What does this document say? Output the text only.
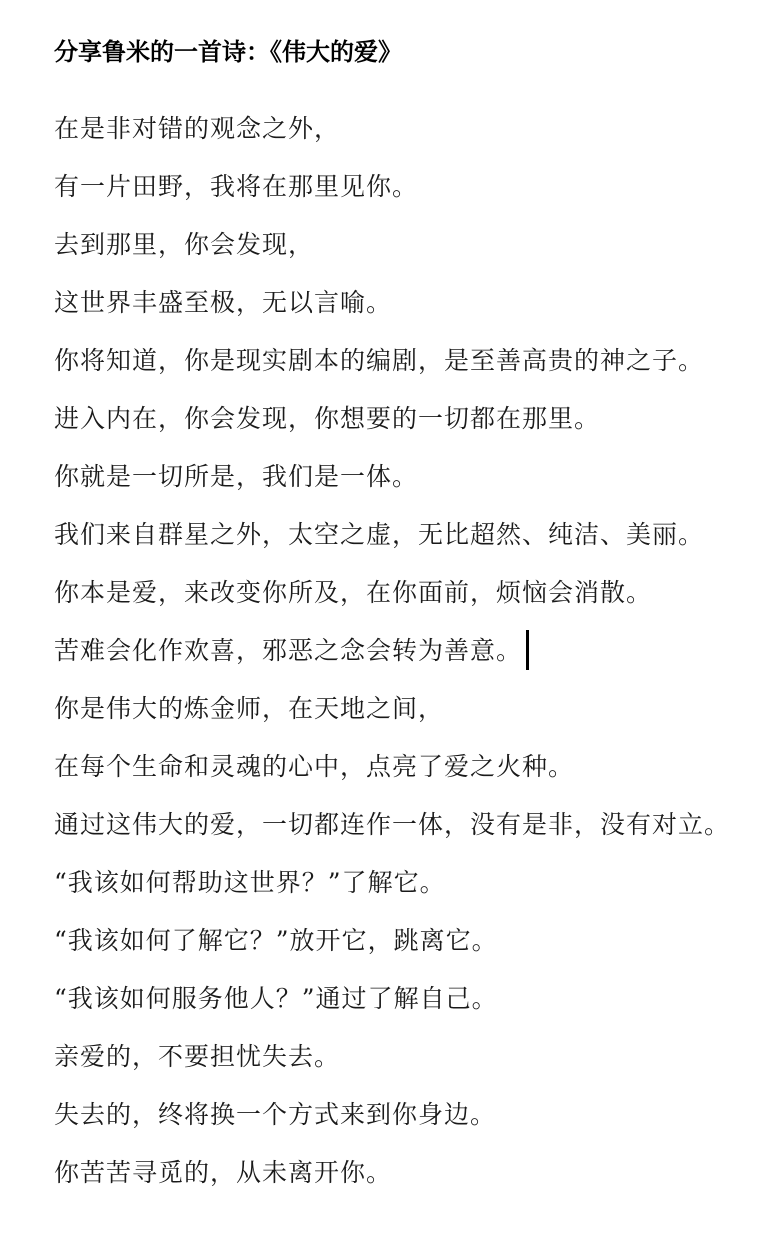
分享鲁米的一首诗：《伟大的爱》
在是非对错的观念之外，
有一片田野，我将在那里见你。
去到那里，你会发现，
这世界丰盛至极，无以言喻。
你将知道，你是现实剧本的编剧，是至善高贵的神之子。
进入内在，你会发现，你想要的一切都在那里。
你就是一切所是，我们是一体。
我们来自群星之外，太空之虚，无比超然、纯洁、美丽。
你本是爱，来改变你所及，在你面前，烦恼会消散。
苦难会化作欢喜，邪恶之念会转为善意。
你是伟大的炼金师，在天地之间，
在每个生命和灵魂的心中，点亮了爱之火种。
通过这伟大的爱，一切都连作一体，没有是非，没有对立。
“我该如何帮助这世界？”了解它。
“我该如何了解它？”放开它，跳离它。
“我该如何服务他人？”通过了解自己。
亲爱的，不要担忧失去。
失去的，终将换一个方式来到你身边。
你苦苦寻觅的，从未离开你。
